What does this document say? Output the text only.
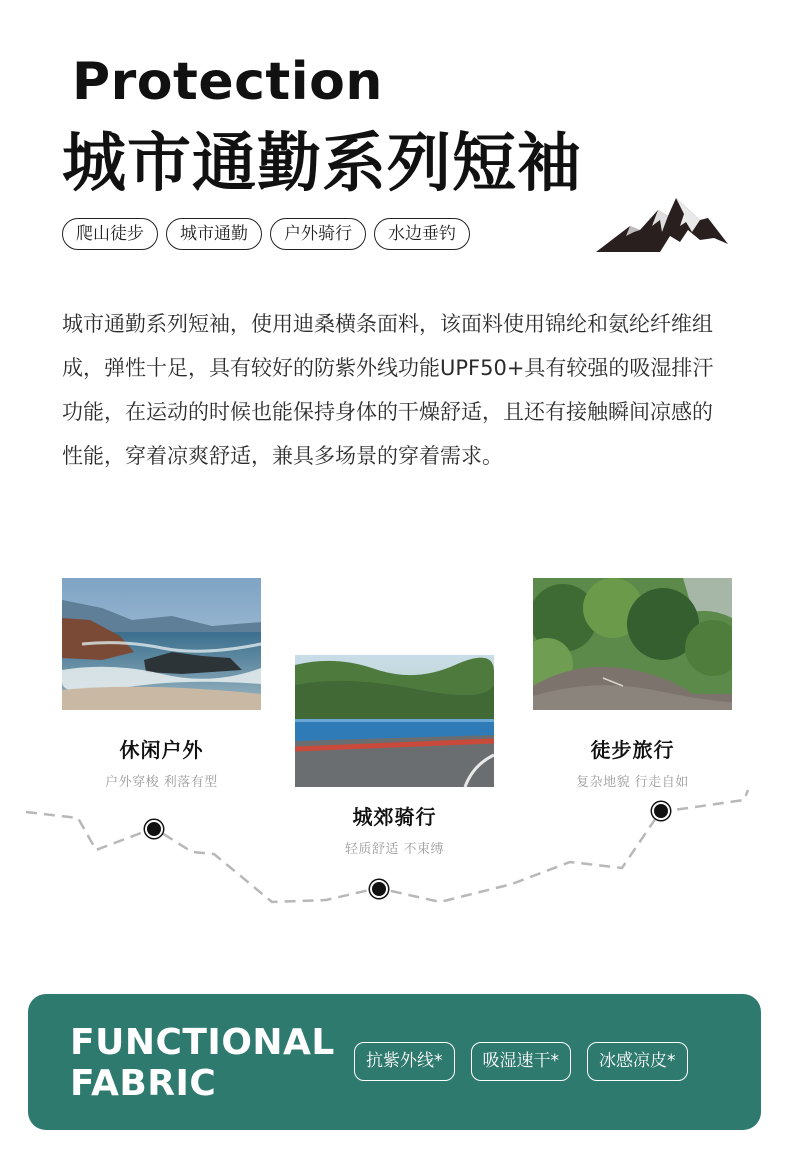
Protection
城市通勤系列短袖
爬山徒步	城市通勤	户外骑行	水边垂钓

城市通勤系列短袖，使用迪桑横条面料，该面料使用锦纶和氨纶纤维组成，弹性十足，具有较好的防紫外线功能UPF50+具有较强的吸湿排汗功能，在运动的时候也能保持身体的干燥舒适，且还有接触瞬间凉感的性能，穿着凉爽舒适，兼具多场景的穿着需求。

休闲户外
户外穿梭 利落有型
城郊骑行
轻质舒适 不束缚
徒步旅行
复杂地貌 行走自如
FUNCTIONAL
FABRIC
抗紫外线*	吸湿速干*	冰感凉皮*
